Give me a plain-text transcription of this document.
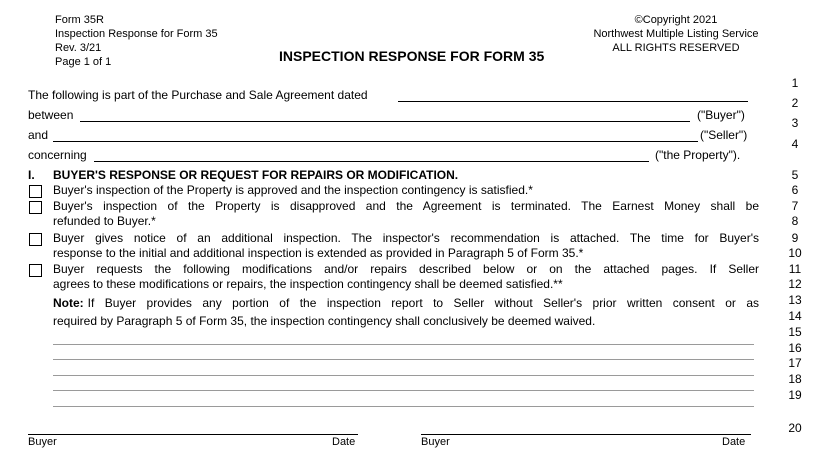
Form 35R
Inspection Response for Form 35
Rev. 3/21
Page 1 of 1	INSPECTION RESPONSE FOR FORM 35
©Copyright 2021
Northwest Multiple Listing Service
ALL RIGHTS RESERVED
1
2
3
4
5
6
7
8
9
10
11
12
13
14
15
16
17
18
19
20
The following is part of the Purchase and Sale Agreement dated
between	("Buyer")
and	("Seller")
concerning	("the Property").
I. BUYER'S RESPONSE OR REQUEST FOR REPAIRS OR MODIFICATION.
Buyer's inspection of the Property is approved and the inspection contingency is satisfied.*
Buyer's inspection of the Property is disapproved and the Agreement is terminated. The Earnest Money shall be
refunded to Buyer.*
Buyer gives notice of an additional inspection. The inspector's recommendation is attached. The time for Buyer's
response to the initial and additional inspection is extended as provided in Paragraph 5 of Form 35.*
Buyer requests the following modifications and/or repairs described below or on the attached pages. If Seller
agrees to these modifications or repairs, the inspection contingency shall be deemed satisfied.**
Note: If Buyer provides any portion of the inspection report to Seller without Seller's prior written consent or as
required by Paragraph 5 of Form 35, the inspection contingency shall conclusively be deemed waived.
Buyer	Date	Buyer	Date
